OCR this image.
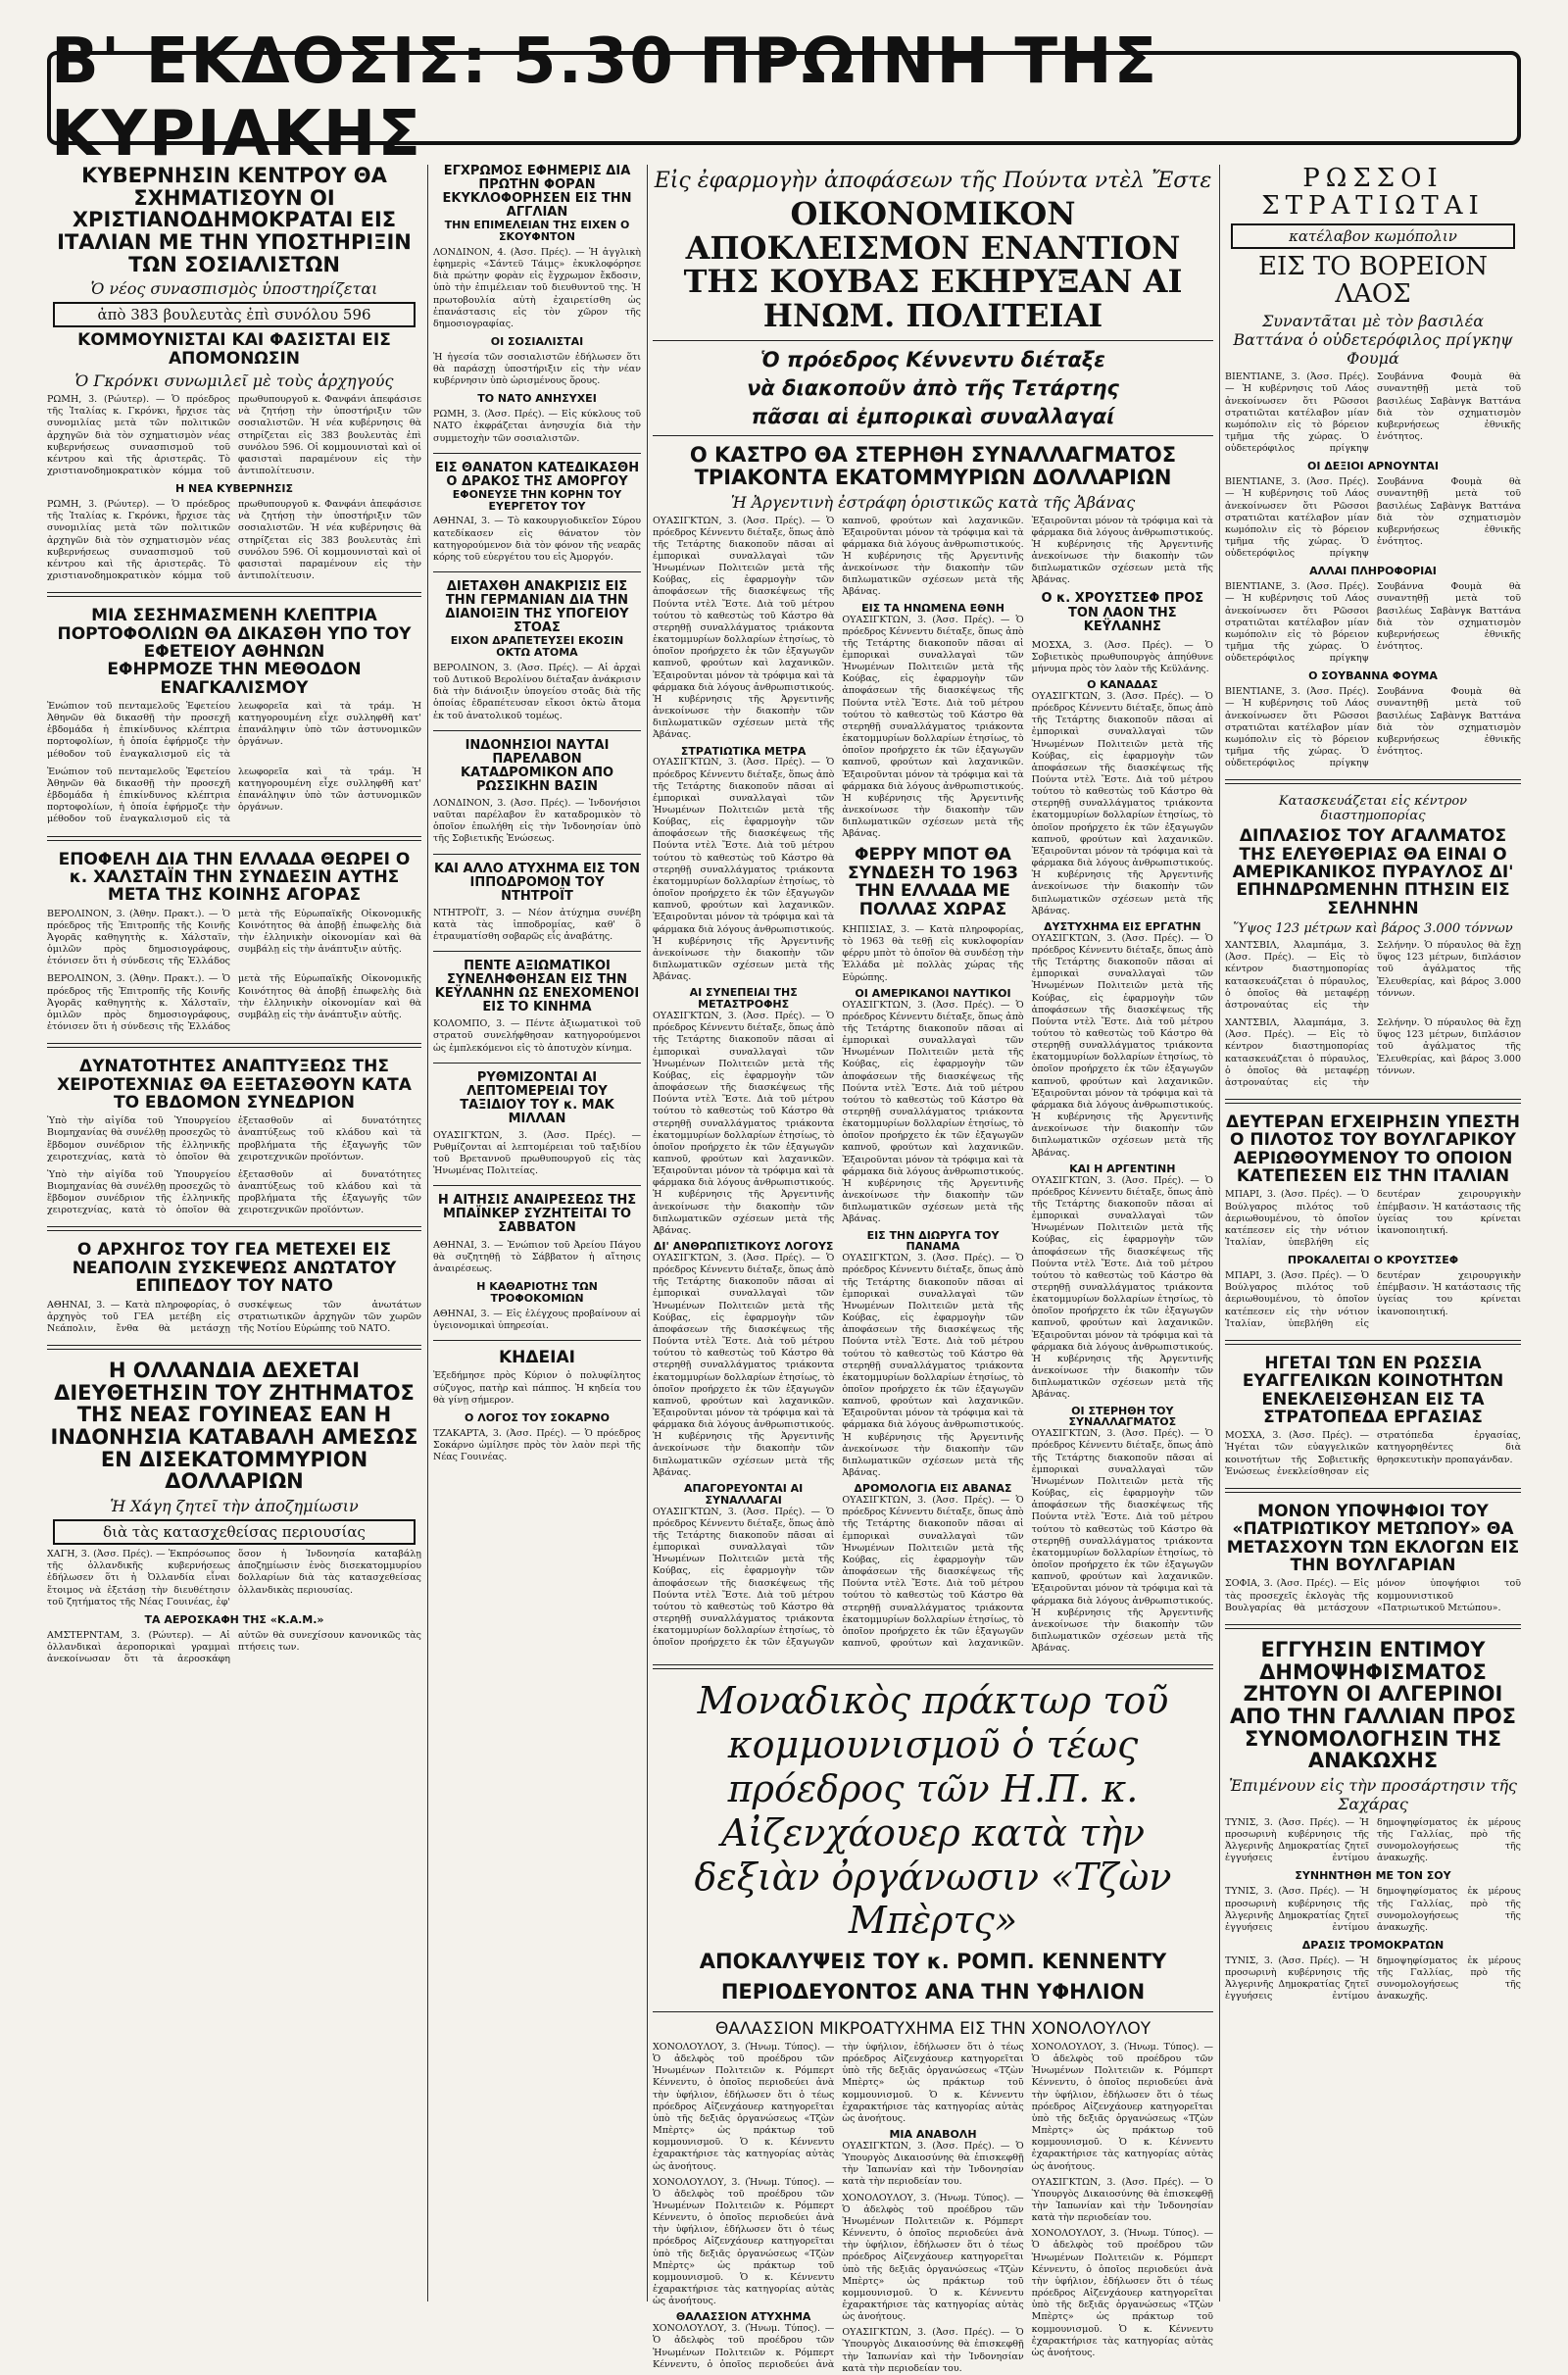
Β' ΕΚΔΟΣΙΣ: 5.30 ΠΡΩΙΝΗ ΤΗΣ ΚΥΡΙΑΚΗΣ
ΚΥΒΕΡΝΗΣΙΝ ΚΕΝΤΡΟΥ ΘΑ ΣΧΗΜΑΤΙΣΟΥΝ ΟΙ ΧΡΙΣΤΙΑΝΟΔΗΜΟΚΡΑΤΑΙ ΕΙΣ ΙΤΑΛΙΑΝ ΜΕ ΤΗΝ ΥΠΟΣΤΗΡΙΞΙΝ ΤΩΝ ΣΟΣΙΑΛΙΣΤΩΝ
Ὁ νέος συνασπισμὸς ὑποστηρίζεται
ἀπὸ 383 βουλευτὰς ἐπὶ συνόλου 596
ΚΟΜΜΟΥΝΙΣΤΑΙ ΚΑΙ ΦΑΣΙΣΤΑΙ ΕΙΣ ΑΠΟΜΟΝΩΣΙΝ
Ὁ Γκρόνκι συνωμιλεῖ μὲ τοὺς ἀρχηγούς

ΡΩΜΗ, 3. (Ρώυτερ). — Ὁ πρόεδρος τῆς Ἰταλίας κ. Γκρόνκι, ἤρχισε τὰς συνομιλίας μετὰ τῶν πολιτικῶν ἀρχηγῶν διὰ τὸν σχηματισμὸν νέας κυβερνήσεως συνασπισμοῦ τοῦ κέντρου καὶ τῆς ἀριστερᾶς. Τὸ χριστιανοδημοκρατικὸν κόμμα τοῦ πρωθυπουργοῦ κ. Φανφάνι ἀπεφάσισε νὰ ζητήσῃ τὴν ὑποστήριξιν τῶν σοσιαλιστῶν. Ἡ νέα κυβέρνησις θὰ στηρίζεται εἰς 383 βουλευτὰς ἐπὶ συνόλου 596. Οἱ κομμουνισταὶ καὶ οἱ φασισταὶ παραμένουν εἰς τὴν ἀντιπολίτευσιν.

Η ΝΕΑ ΚΥΒΕΡΝΗΣΙΣ

ΡΩΜΗ, 3. (Ρώυτερ). — Ὁ πρόεδρος τῆς Ἰταλίας κ. Γκρόνκι, ἤρχισε τὰς συνομιλίας μετὰ τῶν πολιτικῶν ἀρχηγῶν διὰ τὸν σχηματισμὸν νέας κυβερνήσεως συνασπισμοῦ τοῦ κέντρου καὶ τῆς ἀριστερᾶς. Τὸ χριστιανοδημοκρατικὸν κόμμα τοῦ πρωθυπουργοῦ κ. Φανφάνι ἀπεφάσισε νὰ ζητήσῃ τὴν ὑποστήριξιν τῶν σοσιαλιστῶν. Ἡ νέα κυβέρνησις θὰ στηρίζεται εἰς 383 βουλευτὰς ἐπὶ συνόλου 596. Οἱ κομμουνισταὶ καὶ οἱ φασισταὶ παραμένουν εἰς τὴν ἀντιπολίτευσιν.

ΜΙΑ ΣΕΣΗΜΑΣΜΕΝΗ ΚΛΕΠΤΡΙΑ ΠΟΡΤΟΦΟΛΙΩΝ ΘΑ ΔΙΚΑΣΘΗ ΥΠΟ ΤΟΥ ΕΦΕΤΕΙΟΥ ΑΘΗΝΩΝ
ΕΦΗΡΜΟΖΕ ΤΗΝ ΜΕΘΟΔΟΝ ΕΝΑΓΚΑΛΙΣΜΟΥ

Ἐνώπιον τοῦ πενταμελοῦς Ἐφετείου Ἀθηνῶν θὰ δικασθῇ τὴν προσεχῆ ἑβδομάδα ἡ ἐπικίνδυνος κλέπτρια πορτοφολίων, ἡ ὁποία ἐφήρμοζε τὴν μέθοδον τοῦ ἐναγκαλισμοῦ εἰς τὰ λεωφορεῖα καὶ τὰ τράμ. Ἡ κατηγορουμένη εἶχε συλληφθῆ κατ' ἐπανάληψιν ὑπὸ τῶν ἀστυνομικῶν ὀργάνων.

Ἐνώπιον τοῦ πενταμελοῦς Ἐφετείου Ἀθηνῶν θὰ δικασθῇ τὴν προσεχῆ ἑβδομάδα ἡ ἐπικίνδυνος κλέπτρια πορτοφολίων, ἡ ὁποία ἐφήρμοζε τὴν μέθοδον τοῦ ἐναγκαλισμοῦ εἰς τὰ λεωφορεῖα καὶ τὰ τράμ. Ἡ κατηγορουμένη εἶχε συλληφθῆ κατ' ἐπανάληψιν ὑπὸ τῶν ἀστυνομικῶν ὀργάνων.

ΕΠΟΦΕΛΗ ΔΙΑ ΤΗΝ ΕΛΛΑΔΑ ΘΕΩΡΕΙ Ο κ. ΧΑΛΣΤΑΪΝ ΤΗΝ ΣΥΝΔΕΣΙΝ ΑΥΤΗΣ ΜΕΤΑ ΤΗΣ ΚΟΙΝΗΣ ΑΓΟΡΑΣ

ΒΕΡΟΛΙΝΟΝ, 3. (Ἀθην. Πρακτ.). — Ὁ πρόεδρος τῆς Ἐπιτροπῆς τῆς Κοινῆς Ἀγορᾶς καθηγητὴς κ. Χάλσταϊν, ὁμιλῶν πρὸς δημοσιογράφους, ἐτόνισεν ὅτι ἡ σύνδεσις τῆς Ἑλλάδος μετὰ τῆς Εὐρωπαϊκῆς Οἰκονομικῆς Κοινότητος θὰ ἀποβῇ ἐπωφελὴς διὰ τὴν ἑλληνικὴν οἰκονομίαν καὶ θὰ συμβάλῃ εἰς τὴν ἀνάπτυξιν αὐτῆς.

ΒΕΡΟΛΙΝΟΝ, 3. (Ἀθην. Πρακτ.). — Ὁ πρόεδρος τῆς Ἐπιτροπῆς τῆς Κοινῆς Ἀγορᾶς καθηγητὴς κ. Χάλσταϊν, ὁμιλῶν πρὸς δημοσιογράφους, ἐτόνισεν ὅτι ἡ σύνδεσις τῆς Ἑλλάδος μετὰ τῆς Εὐρωπαϊκῆς Οἰκονομικῆς Κοινότητος θὰ ἀποβῇ ἐπωφελὴς διὰ τὴν ἑλληνικὴν οἰκονομίαν καὶ θὰ συμβάλῃ εἰς τὴν ἀνάπτυξιν αὐτῆς.

ΔΥΝΑΤΟΤΗΤΕΣ ΑΝΑΠΤΥΞΕΩΣ ΤΗΣ ΧΕΙΡΟΤΕΧΝΙΑΣ ΘΑ ΕΞΕΤΑΣΘΟΥΝ ΚΑΤΑ ΤΟ ΕΒΔΟΜΟΝ ΣΥΝΕΔΡΙΟΝ

Ὑπὸ τὴν αἰγίδα τοῦ Ὑπουργείου Βιομηχανίας θὰ συνέλθῃ προσεχῶς τὸ ἕβδομον συνέδριον τῆς ἑλληνικῆς χειροτεχνίας, κατὰ τὸ ὁποῖον θὰ ἐξετασθοῦν αἱ δυνατότητες ἀναπτύξεως τοῦ κλάδου καὶ τὰ προβλήματα τῆς ἐξαγωγῆς τῶν χειροτεχνικῶν προϊόντων.

Ὑπὸ τὴν αἰγίδα τοῦ Ὑπουργείου Βιομηχανίας θὰ συνέλθῃ προσεχῶς τὸ ἕβδομον συνέδριον τῆς ἑλληνικῆς χειροτεχνίας, κατὰ τὸ ὁποῖον θὰ ἐξετασθοῦν αἱ δυνατότητες ἀναπτύξεως τοῦ κλάδου καὶ τὰ προβλήματα τῆς ἐξαγωγῆς τῶν χειροτεχνικῶν προϊόντων.

Ο ΑΡΧΗΓΟΣ ΤΟΥ ΓΕΑ ΜΕΤΕΧΕΙ ΕΙΣ ΝΕΑΠΟΛΙΝ ΣΥΣΚΕΨΕΩΣ ΑΝΩΤΑΤΟΥ ΕΠΙΠΕΔΟΥ ΤΟΥ ΝΑΤΟ

ΑΘΗΝΑΙ, 3. — Κατὰ πληροφορίας, ὁ ἀρχηγὸς τοῦ ΓΕΑ μετέβη εἰς Νεάπολιν, ἔνθα θὰ μετάσχῃ συσκέψεως τῶν ἀνωτάτων στρατιωτικῶν ἀρχηγῶν τῶν χωρῶν τῆς Νοτίου Εὐρώπης τοῦ ΝΑΤΟ.

Η ΟΛΛΑΝΔΙΑ ΔΕΧΕΤΑΙ ΔΙΕΥΘΕΤΗΣΙΝ ΤΟΥ ΖΗΤΗΜΑΤΟΣ ΤΗΣ ΝΕΑΣ ΓΟΥΙΝΕΑΣ ΕΑΝ Η ΙΝΔΟΝΗΣΙΑ ΚΑΤΑΒΑΛΗ ΑΜΕΣΩΣ ΕΝ ΔΙΣΕΚΑΤΟΜΜΥΡΙΟΝ ΔΟΛΛΑΡΙΩΝ
Ἡ Χάγη ζητεῖ τὴν ἀποζημίωσιν
διὰ τὰς κατασχεθείσας περιουσίας

ΧΑΓΗ, 3. (Ἀσσ. Πρές). — Ἐκπρόσωπος τῆς ὀλλανδικῆς κυβερνήσεως ἐδήλωσεν ὅτι ἡ Ὀλλανδία εἶναι ἕτοιμος νὰ ἐξετάσῃ τὴν διευθέτησιν τοῦ ζητήματος τῆς Νέας Γουινέας, ἐφ' ὅσον ἡ Ἰνδονησία καταβάλῃ ἀποζημίωσιν ἑνὸς δισεκατομμυρίου δολλαρίων διὰ τὰς κατασχεθείσας ὀλλανδικὰς περιουσίας.

ΤΑ ΑΕΡΟΣΚΑΦΗ ΤΗΣ «Κ.Α.Μ.»

ΑΜΣΤΕΡΝΤΑΜ, 3. (Ρώυτερ). — Αἱ ὀλλανδικαὶ ἀεροπορικαὶ γραμμαὶ ἀνεκοίνωσαν ὅτι τὰ ἀεροσκάφη αὐτῶν θὰ συνεχίσουν κανονικῶς τὰς πτήσεις των.

ΕΓΧΡΩΜΟΣ ΕΦΗΜΕΡΙΣ ΔΙΑ ΠΡΩΤΗΝ ΦΟΡΑΝ ΕΚΥΚΛΟΦΟΡΗΣΕΝ ΕΙΣ ΤΗΝ ΑΓΓΛΙΑΝ
ΤΗΝ ΕΠΙΜΕΛΕΙΑΝ ΤΗΣ ΕΙΧΕΝ Ο ΣΚΟΥΦΝΤΟΝ

ΛΟΝΔΙΝΟΝ, 4. (Ἀσσ. Πρές). — Ἡ ἀγγλικὴ ἐφημερὶς «Σάντεϋ Τάιμς» ἐκυκλοφόρησε διὰ πρώτην φορὰν εἰς ἔγχρωμον ἔκδοσιν, ὑπὸ τὴν ἐπιμέλειαν τοῦ διευθυντοῦ της. Ἡ πρωτοβουλία αὐτὴ ἐχαιρετίσθη ὡς ἐπανάστασις εἰς τὸν χῶρον τῆς δημοσιογραφίας.

ΟΙ ΣΟΣΙΑΛΙΣΤΑΙ

Ἡ ἡγεσία τῶν σοσιαλιστῶν ἐδήλωσεν ὅτι θὰ παράσχῃ ὑποστήριξιν εἰς τὴν νέαν κυβέρνησιν ὑπὸ ὡρισμένους ὅρους.

ΤΟ ΝΑΤΟ ΑΝΗΣΥΧΕΙ

ΡΩΜΗ, 3. (Ἀσσ. Πρές). — Εἰς κύκλους τοῦ ΝΑΤΟ ἐκφράζεται ἀνησυχία διὰ τὴν συμμετοχὴν τῶν σοσιαλιστῶν.

ΕΙΣ ΘΑΝΑΤΟΝ ΚΑΤΕΔΙΚΑΣΘΗ Ο ΔΡΑΚΟΣ ΤΗΣ ΑΜΟΡΓΟΥ
ΕΦΟΝΕΥΣΕ ΤΗΝ ΚΟΡΗΝ ΤΟΥ ΕΥΕΡΓΕΤΟΥ ΤΟΥ

ΑΘΗΝΑΙ, 3. — Τὸ κακουργιοδικεῖον Σύρου κατεδίκασεν εἰς θάνατον τὸν κατηγορούμενον διὰ τὸν φόνον τῆς νεαρᾶς κόρης τοῦ εὐεργέτου του εἰς Ἀμοργόν.

ΔΙΕΤΑΧΘΗ ΑΝΑΚΡΙΣΙΣ ΕΙΣ ΤΗΝ ΓΕΡΜΑΝΙΑΝ ΔΙΑ ΤΗΝ ΔΙΑΝΟΙΞΙΝ ΤΗΣ ΥΠΟΓΕΙΟΥ ΣΤΟΑΣ
ΕΙΧΟΝ ΔΡΑΠΕΤΕΥΣΕΙ ΕΚΟΣΙΝ ΟΚΤΩ ΑΤΟΜΑ

ΒΕΡΟΛΙΝΟΝ, 3. (Ἀσσ. Πρές). — Αἱ ἀρχαὶ τοῦ Δυτικοῦ Βερολίνου διέταξαν ἀνάκρισιν διὰ τὴν διάνοιξιν ὑπογείου στοᾶς διὰ τῆς ὁποίας ἐδραπέτευσαν εἴκοσι ὀκτὼ ἄτομα ἐκ τοῦ ἀνατολικοῦ τομέως.

ΙΝΔΟΝΗΣΙΟΙ ΝΑΥΤΑΙ ΠΑΡΕΛΑΒΟΝ ΚΑΤΑΔΡΟΜΙΚΟΝ ΑΠΟ ΡΩΣΣΙΚΗΝ ΒΑΣΙΝ

ΛΟΝΔΙΝΟΝ, 3. (Ἀσσ. Πρές). — Ἰνδονήσιοι ναῦται παρέλαβον ἓν καταδρομικὸν τὸ ὁποῖον ἐπωλήθη εἰς τὴν Ἰνδονησίαν ὑπὸ τῆς Σοβιετικῆς Ἑνώσεως.

ΚΑΙ ΑΛΛΟ ΑΤΥΧΗΜΑ ΕΙΣ ΤΟΝ ΙΠΠΟΔΡΟΜΟΝ ΤΟΥ ΝΤΗΤΡΟΪΤ

ΝΤΗΤΡΟΪΤ, 3. — Νέον ἀτύχημα συνέβη κατὰ τὰς ἱπποδρομίας, καθ' ὃ ἐτραυματίσθη σοβαρῶς εἷς ἀναβάτης.

ΠΕΝΤΕ ΑΞΙΩΜΑΤΙΚΟΙ ΣΥΝΕΛΗΦΘΗΣΑΝ ΕΙΣ ΤΗΝ ΚΕΫΛΑΝΗΝ ΩΣ ΕΝΕΧΟΜΕΝΟΙ ΕΙΣ ΤΟ ΚΙΝΗΜΑ

ΚΟΛΟΜΠΟ, 3. — Πέντε ἀξιωματικοὶ τοῦ στρατοῦ συνελήφθησαν κατηγορούμενοι ὡς ἐμπλεκόμενοι εἰς τὸ ἀποτυχὸν κίνημα.

ΡΥΘΜΙΖΟΝΤΑΙ ΑΙ ΛΕΠΤΟΜΕΡΕΙΑΙ ΤΟΥ ΤΑΞΙΔΙΟΥ ΤΟΥ κ. ΜΑΚ ΜΙΛΛΑΝ

ΟΥΑΣΙΓΚΤΩΝ, 3. (Ἀσσ. Πρές). — Ρυθμίζονται αἱ λεπτομέρειαι τοῦ ταξιδίου τοῦ Βρεταννοῦ πρωθυπουργοῦ εἰς τὰς Ἡνωμένας Πολιτείας.

Η ΑΙΤΗΣΙΣ ΑΝΑΙΡΕΣΕΩΣ ΤΗΣ ΜΠΑΪΝΚΕΡ ΣΥΖΗΤΕΙΤΑΙ ΤΟ ΣΑΒΒΑΤΟΝ

ΑΘΗΝΑΙ, 3. — Ἐνώπιον τοῦ Ἀρείου Πάγου θὰ συζητηθῇ τὸ Σάββατον ἡ αἴτησις ἀναιρέσεως.

Η ΚΑΘΑΡΙΟΤΗΣ ΤΩΝ ΤΡΟΦΟΚΟΜΙΩΝ

ΑΘΗΝΑΙ, 3. — Εἰς ἐλέγχους προβαίνουν αἱ ὑγειονομικαὶ ὑπηρεσίαι.

ΚΗΔΕΙΑΙ

Ἐξεδήμησε πρὸς Κύριον ὁ πολυφίλητος σύζυγος, πατὴρ καὶ πάππος. Ἡ κηδεία του θὰ γίνῃ σήμερον.

Ο ΛΟΓΟΣ ΤΟΥ ΣΟΚΑΡΝΟ

ΤΖΑΚΑΡΤΑ, 3. (Ἀσσ. Πρές). — Ὁ πρόεδρος Σοκάρνο ὡμίλησε πρὸς τὸν λαὸν περὶ τῆς Νέας Γουινέας.

Εἰς ἐφαρμογὴν ἀποφάσεων τῆς Πούντα ντὲλ Ἔστε
ΟΙΚΟΝΟΜΙΚΟΝ ΑΠΟΚΛΕΙΣΜΟΝ ΕΝΑΝΤΙΟΝ ΤΗΣ ΚΟΥΒΑΣ ΕΚΗΡΥΞΑΝ ΑΙ ΗΝΩΜ. ΠΟΛΙΤΕΙΑΙ
Ὁ πρόεδρος Κέννεντυ διέταξε
νὰ διακοποῦν ἀπὸ τῆς Τετάρτης
πᾶσαι αἱ ἐμπορικαὶ συναλλαγαί
Ο ΚΑΣΤΡΟ ΘΑ ΣΤΕΡΗΘΗ ΣΥΝΑΛΛΑΓΜΑΤΟΣ ΤΡΙΑΚΟΝΤΑ ΕΚΑΤΟΜΜΥΡΙΩΝ ΔΟΛΛΑΡΙΩΝ
Ἡ Ἀργεντινὴ ἐστράφη ὁριστικῶς κατὰ τῆς Ἀβάνας

ΟΥΑΣΙΓΚΤΩΝ, 3. (Ἀσσ. Πρές). — Ὁ πρόεδρος Κέννεντυ διέταξε, ὅπως ἀπὸ τῆς Τετάρτης διακοποῦν πᾶσαι αἱ ἐμπορικαὶ συναλλαγαὶ τῶν Ἡνωμένων Πολιτειῶν μετὰ τῆς Κούβας, εἰς ἐφαρμογὴν τῶν ἀποφάσεων τῆς διασκέψεως τῆς Πούντα ντὲλ Ἔστε. Διὰ τοῦ μέτρου τούτου τὸ καθεστὼς τοῦ Κάστρο θὰ στερηθῇ συναλλάγματος τριάκοντα ἑκατομμυρίων δολλαρίων ἐτησίως, τὸ ὁποῖον προήρχετο ἐκ τῶν ἐξαγωγῶν καπνοῦ, φρούτων καὶ λαχανικῶν. Ἐξαιροῦνται μόνον τὰ τρόφιμα καὶ τὰ φάρμακα διὰ λόγους ἀνθρωπιστικούς. Ἡ κυβέρνησις τῆς Ἀργεντινῆς ἀνεκοίνωσε τὴν διακοπὴν τῶν διπλωματικῶν σχέσεων μετὰ τῆς Ἀβάνας.

ΣΤΡΑΤΙΩΤΙΚΑ ΜΕΤΡΑ

ΟΥΑΣΙΓΚΤΩΝ, 3. (Ἀσσ. Πρές). — Ὁ πρόεδρος Κέννεντυ διέταξε, ὅπως ἀπὸ τῆς Τετάρτης διακοποῦν πᾶσαι αἱ ἐμπορικαὶ συναλλαγαὶ τῶν Ἡνωμένων Πολιτειῶν μετὰ τῆς Κούβας, εἰς ἐφαρμογὴν τῶν ἀποφάσεων τῆς διασκέψεως τῆς Πούντα ντὲλ Ἔστε. Διὰ τοῦ μέτρου τούτου τὸ καθεστὼς τοῦ Κάστρο θὰ στερηθῇ συναλλάγματος τριάκοντα ἑκατομμυρίων δολλαρίων ἐτησίως, τὸ ὁποῖον προήρχετο ἐκ τῶν ἐξαγωγῶν καπνοῦ, φρούτων καὶ λαχανικῶν. Ἐξαιροῦνται μόνον τὰ τρόφιμα καὶ τὰ φάρμακα διὰ λόγους ἀνθρωπιστικούς. Ἡ κυβέρνησις τῆς Ἀργεντινῆς ἀνεκοίνωσε τὴν διακοπὴν τῶν διπλωματικῶν σχέσεων μετὰ τῆς Ἀβάνας.

ΑΙ ΣΥΝΕΠΕΙΑΙ ΤΗΣ ΜΕΤΑΣΤΡΟΦΗΣ

ΟΥΑΣΙΓΚΤΩΝ, 3. (Ἀσσ. Πρές). — Ὁ πρόεδρος Κέννεντυ διέταξε, ὅπως ἀπὸ τῆς Τετάρτης διακοποῦν πᾶσαι αἱ ἐμπορικαὶ συναλλαγαὶ τῶν Ἡνωμένων Πολιτειῶν μετὰ τῆς Κούβας, εἰς ἐφαρμογὴν τῶν ἀποφάσεων τῆς διασκέψεως τῆς Πούντα ντὲλ Ἔστε. Διὰ τοῦ μέτρου τούτου τὸ καθεστὼς τοῦ Κάστρο θὰ στερηθῇ συναλλάγματος τριάκοντα ἑκατομμυρίων δολλαρίων ἐτησίως, τὸ ὁποῖον προήρχετο ἐκ τῶν ἐξαγωγῶν καπνοῦ, φρούτων καὶ λαχανικῶν. Ἐξαιροῦνται μόνον τὰ τρόφιμα καὶ τὰ φάρμακα διὰ λόγους ἀνθρωπιστικούς. Ἡ κυβέρνησις τῆς Ἀργεντινῆς ἀνεκοίνωσε τὴν διακοπὴν τῶν διπλωματικῶν σχέσεων μετὰ τῆς Ἀβάνας.

ΔΙ' ΑΝΘΡΩΠΙΣΤΙΚΟΥΣ ΛΟΓΟΥΣ

ΟΥΑΣΙΓΚΤΩΝ, 3. (Ἀσσ. Πρές). — Ὁ πρόεδρος Κέννεντυ διέταξε, ὅπως ἀπὸ τῆς Τετάρτης διακοποῦν πᾶσαι αἱ ἐμπορικαὶ συναλλαγαὶ τῶν Ἡνωμένων Πολιτειῶν μετὰ τῆς Κούβας, εἰς ἐφαρμογὴν τῶν ἀποφάσεων τῆς διασκέψεως τῆς Πούντα ντὲλ Ἔστε. Διὰ τοῦ μέτρου τούτου τὸ καθεστὼς τοῦ Κάστρο θὰ στερηθῇ συναλλάγματος τριάκοντα ἑκατομμυρίων δολλαρίων ἐτησίως, τὸ ὁποῖον προήρχετο ἐκ τῶν ἐξαγωγῶν καπνοῦ, φρούτων καὶ λαχανικῶν. Ἐξαιροῦνται μόνον τὰ τρόφιμα καὶ τὰ φάρμακα διὰ λόγους ἀνθρωπιστικούς. Ἡ κυβέρνησις τῆς Ἀργεντινῆς ἀνεκοίνωσε τὴν διακοπὴν τῶν διπλωματικῶν σχέσεων μετὰ τῆς Ἀβάνας.

ΑΠΑΓΟΡΕΥΟΝΤΑΙ ΑΙ ΣΥΝΑΛΛΑΓΑΙ

ΟΥΑΣΙΓΚΤΩΝ, 3. (Ἀσσ. Πρές). — Ὁ πρόεδρος Κέννεντυ διέταξε, ὅπως ἀπὸ τῆς Τετάρτης διακοποῦν πᾶσαι αἱ ἐμπορικαὶ συναλλαγαὶ τῶν Ἡνωμένων Πολιτειῶν μετὰ τῆς Κούβας, εἰς ἐφαρμογὴν τῶν ἀποφάσεων τῆς διασκέψεως τῆς Πούντα ντὲλ Ἔστε. Διὰ τοῦ μέτρου τούτου τὸ καθεστὼς τοῦ Κάστρο θὰ στερηθῇ συναλλάγματος τριάκοντα ἑκατομμυρίων δολλαρίων ἐτησίως, τὸ ὁποῖον προήρχετο ἐκ τῶν ἐξαγωγῶν καπνοῦ, φρούτων καὶ λαχανικῶν. Ἐξαιροῦνται μόνον τὰ τρόφιμα καὶ τὰ φάρμακα διὰ λόγους ἀνθρωπιστικούς. Ἡ κυβέρνησις τῆς Ἀργεντινῆς ἀνεκοίνωσε τὴν διακοπὴν τῶν διπλωματικῶν σχέσεων μετὰ τῆς Ἀβάνας.

ΕΙΣ ΤΑ ΗΝΩΜΕΝΑ ΕΘΝΗ

ΟΥΑΣΙΓΚΤΩΝ, 3. (Ἀσσ. Πρές). — Ὁ πρόεδρος Κέννεντυ διέταξε, ὅπως ἀπὸ τῆς Τετάρτης διακοποῦν πᾶσαι αἱ ἐμπορικαὶ συναλλαγαὶ τῶν Ἡνωμένων Πολιτειῶν μετὰ τῆς Κούβας, εἰς ἐφαρμογὴν τῶν ἀποφάσεων τῆς διασκέψεως τῆς Πούντα ντὲλ Ἔστε. Διὰ τοῦ μέτρου τούτου τὸ καθεστὼς τοῦ Κάστρο θὰ στερηθῇ συναλλάγματος τριάκοντα ἑκατομμυρίων δολλαρίων ἐτησίως, τὸ ὁποῖον προήρχετο ἐκ τῶν ἐξαγωγῶν καπνοῦ, φρούτων καὶ λαχανικῶν. Ἐξαιροῦνται μόνον τὰ τρόφιμα καὶ τὰ φάρμακα διὰ λόγους ἀνθρωπιστικούς. Ἡ κυβέρνησις τῆς Ἀργεντινῆς ἀνεκοίνωσε τὴν διακοπὴν τῶν διπλωματικῶν σχέσεων μετὰ τῆς Ἀβάνας.

ΦΕΡΡΥ ΜΠΟΤ ΘΑ ΣΥΝΔΕΣΗ ΤΟ 1963 ΤΗΝ ΕΛΛΑΔΑ ΜΕ ΠΟΛΛΑΣ ΧΩΡΑΣ

ΚΗΠΙΣΙΑΣ, 3. — Κατὰ πληροφορίας, τὸ 1963 θὰ τεθῇ εἰς κυκλοφορίαν φέρρυ μπὸτ τὸ ὁποῖον θὰ συνδέσῃ τὴν Ἑλλάδα μὲ πολλὰς χώρας τῆς Εὐρώπης.

ΟΙ ΑΜΕΡΙΚΑΝΟΙ ΝΑΥΤΙΚΟΙ

ΟΥΑΣΙΓΚΤΩΝ, 3. (Ἀσσ. Πρές). — Ὁ πρόεδρος Κέννεντυ διέταξε, ὅπως ἀπὸ τῆς Τετάρτης διακοποῦν πᾶσαι αἱ ἐμπορικαὶ συναλλαγαὶ τῶν Ἡνωμένων Πολιτειῶν μετὰ τῆς Κούβας, εἰς ἐφαρμογὴν τῶν ἀποφάσεων τῆς διασκέψεως τῆς Πούντα ντὲλ Ἔστε. Διὰ τοῦ μέτρου τούτου τὸ καθεστὼς τοῦ Κάστρο θὰ στερηθῇ συναλλάγματος τριάκοντα ἑκατομμυρίων δολλαρίων ἐτησίως, τὸ ὁποῖον προήρχετο ἐκ τῶν ἐξαγωγῶν καπνοῦ, φρούτων καὶ λαχανικῶν. Ἐξαιροῦνται μόνον τὰ τρόφιμα καὶ τὰ φάρμακα διὰ λόγους ἀνθρωπιστικούς. Ἡ κυβέρνησις τῆς Ἀργεντινῆς ἀνεκοίνωσε τὴν διακοπὴν τῶν διπλωματικῶν σχέσεων μετὰ τῆς Ἀβάνας.

ΕΙΣ ΤΗΝ ΔΙΩΡΥΓΑ ΤΟΥ ΠΑΝΑΜΑ

ΟΥΑΣΙΓΚΤΩΝ, 3. (Ἀσσ. Πρές). — Ὁ πρόεδρος Κέννεντυ διέταξε, ὅπως ἀπὸ τῆς Τετάρτης διακοποῦν πᾶσαι αἱ ἐμπορικαὶ συναλλαγαὶ τῶν Ἡνωμένων Πολιτειῶν μετὰ τῆς Κούβας, εἰς ἐφαρμογὴν τῶν ἀποφάσεων τῆς διασκέψεως τῆς Πούντα ντὲλ Ἔστε. Διὰ τοῦ μέτρου τούτου τὸ καθεστὼς τοῦ Κάστρο θὰ στερηθῇ συναλλάγματος τριάκοντα ἑκατομμυρίων δολλαρίων ἐτησίως, τὸ ὁποῖον προήρχετο ἐκ τῶν ἐξαγωγῶν καπνοῦ, φρούτων καὶ λαχανικῶν. Ἐξαιροῦνται μόνον τὰ τρόφιμα καὶ τὰ φάρμακα διὰ λόγους ἀνθρωπιστικούς. Ἡ κυβέρνησις τῆς Ἀργεντινῆς ἀνεκοίνωσε τὴν διακοπὴν τῶν διπλωματικῶν σχέσεων μετὰ τῆς Ἀβάνας.

ΔΡΟΜΟΛΟΓΙΑ ΕΙΣ ΑΒΑΝΑΣ

ΟΥΑΣΙΓΚΤΩΝ, 3. (Ἀσσ. Πρές). — Ὁ πρόεδρος Κέννεντυ διέταξε, ὅπως ἀπὸ τῆς Τετάρτης διακοποῦν πᾶσαι αἱ ἐμπορικαὶ συναλλαγαὶ τῶν Ἡνωμένων Πολιτειῶν μετὰ τῆς Κούβας, εἰς ἐφαρμογὴν τῶν ἀποφάσεων τῆς διασκέψεως τῆς Πούντα ντὲλ Ἔστε. Διὰ τοῦ μέτρου τούτου τὸ καθεστὼς τοῦ Κάστρο θὰ στερηθῇ συναλλάγματος τριάκοντα ἑκατομμυρίων δολλαρίων ἐτησίως, τὸ ὁποῖον προήρχετο ἐκ τῶν ἐξαγωγῶν καπνοῦ, φρούτων καὶ λαχανικῶν. Ἐξαιροῦνται μόνον τὰ τρόφιμα καὶ τὰ φάρμακα διὰ λόγους ἀνθρωπιστικούς. Ἡ κυβέρνησις τῆς Ἀργεντινῆς ἀνεκοίνωσε τὴν διακοπὴν τῶν διπλωματικῶν σχέσεων μετὰ τῆς Ἀβάνας.

Ο κ. ΧΡΟΥΣΤΣΕΦ ΠΡΟΣ ΤΟΝ ΛΑΟΝ ΤΗΣ ΚΕΫΛΑΝΗΣ

ΜΟΣΧΑ, 3. (Ἀσσ. Πρές). — Ὁ Σοβιετικὸς πρωθυπουργὸς ἀπηύθυνε μήνυμα πρὸς τὸν λαὸν τῆς Κεϋλάνης.

Ο ΚΑΝΑΔΑΣ

ΟΥΑΣΙΓΚΤΩΝ, 3. (Ἀσσ. Πρές). — Ὁ πρόεδρος Κέννεντυ διέταξε, ὅπως ἀπὸ τῆς Τετάρτης διακοποῦν πᾶσαι αἱ ἐμπορικαὶ συναλλαγαὶ τῶν Ἡνωμένων Πολιτειῶν μετὰ τῆς Κούβας, εἰς ἐφαρμογὴν τῶν ἀποφάσεων τῆς διασκέψεως τῆς Πούντα ντὲλ Ἔστε. Διὰ τοῦ μέτρου τούτου τὸ καθεστὼς τοῦ Κάστρο θὰ στερηθῇ συναλλάγματος τριάκοντα ἑκατομμυρίων δολλαρίων ἐτησίως, τὸ ὁποῖον προήρχετο ἐκ τῶν ἐξαγωγῶν καπνοῦ, φρούτων καὶ λαχανικῶν. Ἐξαιροῦνται μόνον τὰ τρόφιμα καὶ τὰ φάρμακα διὰ λόγους ἀνθρωπιστικούς. Ἡ κυβέρνησις τῆς Ἀργεντινῆς ἀνεκοίνωσε τὴν διακοπὴν τῶν διπλωματικῶν σχέσεων μετὰ τῆς Ἀβάνας.

ΔΥΣΤΥΧΗΜΑ ΕΙΣ ΕΡΓΑΤΗΝ

ΟΥΑΣΙΓΚΤΩΝ, 3. (Ἀσσ. Πρές). — Ὁ πρόεδρος Κέννεντυ διέταξε, ὅπως ἀπὸ τῆς Τετάρτης διακοποῦν πᾶσαι αἱ ἐμπορικαὶ συναλλαγαὶ τῶν Ἡνωμένων Πολιτειῶν μετὰ τῆς Κούβας, εἰς ἐφαρμογὴν τῶν ἀποφάσεων τῆς διασκέψεως τῆς Πούντα ντὲλ Ἔστε. Διὰ τοῦ μέτρου τούτου τὸ καθεστὼς τοῦ Κάστρο θὰ στερηθῇ συναλλάγματος τριάκοντα ἑκατομμυρίων δολλαρίων ἐτησίως, τὸ ὁποῖον προήρχετο ἐκ τῶν ἐξαγωγῶν καπνοῦ, φρούτων καὶ λαχανικῶν. Ἐξαιροῦνται μόνον τὰ τρόφιμα καὶ τὰ φάρμακα διὰ λόγους ἀνθρωπιστικούς. Ἡ κυβέρνησις τῆς Ἀργεντινῆς ἀνεκοίνωσε τὴν διακοπὴν τῶν διπλωματικῶν σχέσεων μετὰ τῆς Ἀβάνας.

ΚΑΙ Η ΑΡΓΕΝΤΙΝΗ

ΟΥΑΣΙΓΚΤΩΝ, 3. (Ἀσσ. Πρές). — Ὁ πρόεδρος Κέννεντυ διέταξε, ὅπως ἀπὸ τῆς Τετάρτης διακοποῦν πᾶσαι αἱ ἐμπορικαὶ συναλλαγαὶ τῶν Ἡνωμένων Πολιτειῶν μετὰ τῆς Κούβας, εἰς ἐφαρμογὴν τῶν ἀποφάσεων τῆς διασκέψεως τῆς Πούντα ντὲλ Ἔστε. Διὰ τοῦ μέτρου τούτου τὸ καθεστὼς τοῦ Κάστρο θὰ στερηθῇ συναλλάγματος τριάκοντα ἑκατομμυρίων δολλαρίων ἐτησίως, τὸ ὁποῖον προήρχετο ἐκ τῶν ἐξαγωγῶν καπνοῦ, φρούτων καὶ λαχανικῶν. Ἐξαιροῦνται μόνον τὰ τρόφιμα καὶ τὰ φάρμακα διὰ λόγους ἀνθρωπιστικούς. Ἡ κυβέρνησις τῆς Ἀργεντινῆς ἀνεκοίνωσε τὴν διακοπὴν τῶν διπλωματικῶν σχέσεων μετὰ τῆς Ἀβάνας.

ΟΙ ΣΤΕΡΗΘΗ ΤΟΥ ΣΥΝΑΛΛΑΓΜΑΤΟΣ

ΟΥΑΣΙΓΚΤΩΝ, 3. (Ἀσσ. Πρές). — Ὁ πρόεδρος Κέννεντυ διέταξε, ὅπως ἀπὸ τῆς Τετάρτης διακοποῦν πᾶσαι αἱ ἐμπορικαὶ συναλλαγαὶ τῶν Ἡνωμένων Πολιτειῶν μετὰ τῆς Κούβας, εἰς ἐφαρμογὴν τῶν ἀποφάσεων τῆς διασκέψεως τῆς Πούντα ντὲλ Ἔστε. Διὰ τοῦ μέτρου τούτου τὸ καθεστὼς τοῦ Κάστρο θὰ στερηθῇ συναλλάγματος τριάκοντα ἑκατομμυρίων δολλαρίων ἐτησίως, τὸ ὁποῖον προήρχετο ἐκ τῶν ἐξαγωγῶν καπνοῦ, φρούτων καὶ λαχανικῶν. Ἐξαιροῦνται μόνον τὰ τρόφιμα καὶ τὰ φάρμακα διὰ λόγους ἀνθρωπιστικούς. Ἡ κυβέρνησις τῆς Ἀργεντινῆς ἀνεκοίνωσε τὴν διακοπὴν τῶν διπλωματικῶν σχέσεων μετὰ τῆς Ἀβάνας.

Μοναδικὸς πράκτωρ τοῦ κομμουνισμοῦ ὁ τέως πρόεδρος τῶν Η.Π. κ. Αἰζενχάουερ κατὰ τὴν δεξιὰν ὀργάνωσιν «Τζὼν Μπὲρτς»
ΑΠΟΚΑΛΥΨΕΙΣ ΤΟΥ κ. ΡΟΜΠ. ΚΕΝΝΕΝΤΥ
ΠΕΡΙΟΔΕΥΟΝΤΟΣ ΑΝΑ ΤΗΝ ΥΦΗΛΙΟΝ
ΘΑΛΑΣΣΙΟΝ ΜΙΚΡΟΑΤΥΧΗΜΑ ΕΙΣ ΤΗΝ ΧΟΝΟΛΟΥΛΟΥ

ΧΟΝΟΛΟΥΛΟΥ, 3. (Ἡνωμ. Τύπος). — Ὁ ἀδελφὸς τοῦ προέδρου τῶν Ἡνωμένων Πολιτειῶν κ. Ρόμπερτ Κέννεντυ, ὁ ὁποῖος περιοδεύει ἀνὰ τὴν ὑφήλιον, ἐδήλωσεν ὅτι ὁ τέως πρόεδρος Αἰζενχάουερ κατηγορεῖται ὑπὸ τῆς δεξιᾶς ὀργανώσεως «Τζὼν Μπὲρτς» ὡς πράκτωρ τοῦ κομμουνισμοῦ. Ὁ κ. Κέννεντυ ἐχαρακτήρισε τὰς κατηγορίας αὐτὰς ὡς ἀνοήτους.

ΧΟΝΟΛΟΥΛΟΥ, 3. (Ἡνωμ. Τύπος). — Ὁ ἀδελφὸς τοῦ προέδρου τῶν Ἡνωμένων Πολιτειῶν κ. Ρόμπερτ Κέννεντυ, ὁ ὁποῖος περιοδεύει ἀνὰ τὴν ὑφήλιον, ἐδήλωσεν ὅτι ὁ τέως πρόεδρος Αἰζενχάουερ κατηγορεῖται ὑπὸ τῆς δεξιᾶς ὀργανώσεως «Τζὼν Μπὲρτς» ὡς πράκτωρ τοῦ κομμουνισμοῦ. Ὁ κ. Κέννεντυ ἐχαρακτήρισε τὰς κατηγορίας αὐτὰς ὡς ἀνοήτους.

ΘΑΛΑΣΣΙΟΝ ΑΤΥΧΗΜΑ

ΧΟΝΟΛΟΥΛΟΥ, 3. (Ἡνωμ. Τύπος). — Ὁ ἀδελφὸς τοῦ προέδρου τῶν Ἡνωμένων Πολιτειῶν κ. Ρόμπερτ Κέννεντυ, ὁ ὁποῖος περιοδεύει ἀνὰ τὴν ὑφήλιον, ἐδήλωσεν ὅτι ὁ τέως πρόεδρος Αἰζενχάουερ κατηγορεῖται ὑπὸ τῆς δεξιᾶς ὀργανώσεως «Τζὼν Μπὲρτς» ὡς πράκτωρ τοῦ κομμουνισμοῦ. Ὁ κ. Κέννεντυ ἐχαρακτήρισε τὰς κατηγορίας αὐτὰς ὡς ἀνοήτους.

ΜΙΑ ΑΝΑΒΟΛΗ

ΟΥΑΣΙΓΚΤΩΝ, 3. (Ἀσσ. Πρές). — Ὁ Ὑπουργὸς Δικαιοσύνης θὰ ἐπισκεφθῇ τὴν Ἰαπωνίαν καὶ τὴν Ἰνδονησίαν κατὰ τὴν περιοδείαν του.

ΧΟΝΟΛΟΥΛΟΥ, 3. (Ἡνωμ. Τύπος). — Ὁ ἀδελφὸς τοῦ προέδρου τῶν Ἡνωμένων Πολιτειῶν κ. Ρόμπερτ Κέννεντυ, ὁ ὁποῖος περιοδεύει ἀνὰ τὴν ὑφήλιον, ἐδήλωσεν ὅτι ὁ τέως πρόεδρος Αἰζενχάουερ κατηγορεῖται ὑπὸ τῆς δεξιᾶς ὀργανώσεως «Τζὼν Μπὲρτς» ὡς πράκτωρ τοῦ κομμουνισμοῦ. Ὁ κ. Κέννεντυ ἐχαρακτήρισε τὰς κατηγορίας αὐτὰς ὡς ἀνοήτους.

ΟΥΑΣΙΓΚΤΩΝ, 3. (Ἀσσ. Πρές). — Ὁ Ὑπουργὸς Δικαιοσύνης θὰ ἐπισκεφθῇ τὴν Ἰαπωνίαν καὶ τὴν Ἰνδονησίαν κατὰ τὴν περιοδείαν του.

ΧΟΝΟΛΟΥΛΟΥ, 3. (Ἡνωμ. Τύπος). — Ὁ ἀδελφὸς τοῦ προέδρου τῶν Ἡνωμένων Πολιτειῶν κ. Ρόμπερτ Κέννεντυ, ὁ ὁποῖος περιοδεύει ἀνὰ τὴν ὑφήλιον, ἐδήλωσεν ὅτι ὁ τέως πρόεδρος Αἰζενχάουερ κατηγορεῖται ὑπὸ τῆς δεξιᾶς ὀργανώσεως «Τζὼν Μπὲρτς» ὡς πράκτωρ τοῦ κομμουνισμοῦ. Ὁ κ. Κέννεντυ ἐχαρακτήρισε τὰς κατηγορίας αὐτὰς ὡς ἀνοήτους.

ΟΥΑΣΙΓΚΤΩΝ, 3. (Ἀσσ. Πρές). — Ὁ Ὑπουργὸς Δικαιοσύνης θὰ ἐπισκεφθῇ τὴν Ἰαπωνίαν καὶ τὴν Ἰνδονησίαν κατὰ τὴν περιοδείαν του.

ΧΟΝΟΛΟΥΛΟΥ, 3. (Ἡνωμ. Τύπος). — Ὁ ἀδελφὸς τοῦ προέδρου τῶν Ἡνωμένων Πολιτειῶν κ. Ρόμπερτ Κέννεντυ, ὁ ὁποῖος περιοδεύει ἀνὰ τὴν ὑφήλιον, ἐδήλωσεν ὅτι ὁ τέως πρόεδρος Αἰζενχάουερ κατηγορεῖται ὑπὸ τῆς δεξιᾶς ὀργανώσεως «Τζὼν Μπὲρτς» ὡς πράκτωρ τοῦ κομμουνισμοῦ. Ὁ κ. Κέννεντυ ἐχαρακτήρισε τὰς κατηγορίας αὐτὰς ὡς ἀνοήτους.

ΡΩΣΣΟΙ ΣΤΡΑΤΙΩΤΑΙ
κατέλαβον κωμόπολιν
ΕΙΣ ΤΟ ΒΟΡΕΙΟΝ ΛΑΟΣ
Συναντᾶται μὲ τὸν βασιλέα Βαττάνα ὁ οὐδετερόφιλος πρίγκηψ Φουμά

ΒΙΕΝΤΙΑΝΕ, 3. (Ἀσσ. Πρές). — Ἡ κυβέρνησις τοῦ Λάος ἀνεκοίνωσεν ὅτι Ρῶσσοι στρατιῶται κατέλαβον μίαν κωμόπολιν εἰς τὸ βόρειον τμῆμα τῆς χώρας. Ὁ οὐδετερόφιλος πρίγκηψ Σουβάννα Φουμὰ θὰ συναντηθῇ μετὰ τοῦ βασιλέως Σαβὰνγκ Βαττάνα διὰ τὸν σχηματισμὸν κυβερνήσεως ἐθνικῆς ἑνότητος.

ΟΙ ΔΕΞΙΟΙ ΑΡΝΟΥΝΤΑΙ

ΒΙΕΝΤΙΑΝΕ, 3. (Ἀσσ. Πρές). — Ἡ κυβέρνησις τοῦ Λάος ἀνεκοίνωσεν ὅτι Ρῶσσοι στρατιῶται κατέλαβον μίαν κωμόπολιν εἰς τὸ βόρειον τμῆμα τῆς χώρας. Ὁ οὐδετερόφιλος πρίγκηψ Σουβάννα Φουμὰ θὰ συναντηθῇ μετὰ τοῦ βασιλέως Σαβὰνγκ Βαττάνα διὰ τὸν σχηματισμὸν κυβερνήσεως ἐθνικῆς ἑνότητος.

ΑΛΛΑΙ ΠΛΗΡΟΦΟΡΙΑΙ

ΒΙΕΝΤΙΑΝΕ, 3. (Ἀσσ. Πρές). — Ἡ κυβέρνησις τοῦ Λάος ἀνεκοίνωσεν ὅτι Ρῶσσοι στρατιῶται κατέλαβον μίαν κωμόπολιν εἰς τὸ βόρειον τμῆμα τῆς χώρας. Ὁ οὐδετερόφιλος πρίγκηψ Σουβάννα Φουμὰ θὰ συναντηθῇ μετὰ τοῦ βασιλέως Σαβὰνγκ Βαττάνα διὰ τὸν σχηματισμὸν κυβερνήσεως ἐθνικῆς ἑνότητος.

Ο ΣΟΥΒΑΝΝΑ ΦΟΥΜΑ

ΒΙΕΝΤΙΑΝΕ, 3. (Ἀσσ. Πρές). — Ἡ κυβέρνησις τοῦ Λάος ἀνεκοίνωσεν ὅτι Ρῶσσοι στρατιῶται κατέλαβον μίαν κωμόπολιν εἰς τὸ βόρειον τμῆμα τῆς χώρας. Ὁ οὐδετερόφιλος πρίγκηψ Σουβάννα Φουμὰ θὰ συναντηθῇ μετὰ τοῦ βασιλέως Σαβὰνγκ Βαττάνα διὰ τὸν σχηματισμὸν κυβερνήσεως ἐθνικῆς ἑνότητος.

Κατασκευάζεται εἰς κέντρον διαστημοπορίας
ΔΙΠΛΑΣΙΟΣ ΤΟΥ ΑΓΑΛΜΑΤΟΣ ΤΗΣ ΕΛΕΥΘΕΡΙΑΣ ΘΑ ΕΙΝΑΙ Ο ΑΜΕΡΙΚΑΝΙΚΟΣ ΠΥΡΑΥΛΟΣ ΔΙ' ΕΠΗΝΔΡΩΜΕΝΗΝ ΠΤΗΣΙΝ ΕΙΣ ΣΕΛΗΝΗΝ
Ὕψος 123 μέτρων καὶ βάρος 3.000 τόννων

ΧΑΝΤΣΒΙΛ, Ἀλαμπάμα, 3. (Ἀσσ. Πρές). — Εἰς τὸ κέντρον διαστημοπορίας κατασκευάζεται ὁ πύραυλος, ὁ ὁποῖος θὰ μεταφέρῃ ἀστροναύτας εἰς τὴν Σελήνην. Ὁ πύραυλος θὰ ἔχῃ ὕψος 123 μέτρων, διπλάσιον τοῦ ἀγάλματος τῆς Ἐλευθερίας, καὶ βάρος 3.000 τόννων.

ΧΑΝΤΣΒΙΛ, Ἀλαμπάμα, 3. (Ἀσσ. Πρές). — Εἰς τὸ κέντρον διαστημοπορίας κατασκευάζεται ὁ πύραυλος, ὁ ὁποῖος θὰ μεταφέρῃ ἀστροναύτας εἰς τὴν Σελήνην. Ὁ πύραυλος θὰ ἔχῃ ὕψος 123 μέτρων, διπλάσιον τοῦ ἀγάλματος τῆς Ἐλευθερίας, καὶ βάρος 3.000 τόννων.

ΔΕΥΤΕΡΑΝ ΕΓΧΕΙΡΗΣΙΝ ΥΠΕΣΤΗ Ο ΠΙΛΟΤΟΣ ΤΟΥ ΒΟΥΛΓΑΡΙΚΟΥ ΑΕΡΙΩΘΟΥΜΕΝΟΥ ΤΟ ΟΠΟΙΟΝ ΚΑΤΕΠΕΣΕΝ ΕΙΣ ΤΗΝ ΙΤΑΛΙΑΝ

ΜΠΑΡΙ, 3. (Ἀσσ. Πρές). — Ὁ Βούλγαρος πιλότος τοῦ ἀεριωθουμένου, τὸ ὁποῖον κατέπεσεν εἰς τὴν νότιον Ἰταλίαν, ὑπεβλήθη εἰς δευτέραν χειρουργικὴν ἐπέμβασιν. Ἡ κατάστασις τῆς ὑγείας του κρίνεται ἱκανοποιητική.

ΠΡΟΚΑΛΕΙΤΑΙ Ο ΚΡΟΥΣΤΣΕΦ

ΜΠΑΡΙ, 3. (Ἀσσ. Πρές). — Ὁ Βούλγαρος πιλότος τοῦ ἀεριωθουμένου, τὸ ὁποῖον κατέπεσεν εἰς τὴν νότιον Ἰταλίαν, ὑπεβλήθη εἰς δευτέραν χειρουργικὴν ἐπέμβασιν. Ἡ κατάστασις τῆς ὑγείας του κρίνεται ἱκανοποιητική.

ΗΓΕΤΑΙ ΤΩΝ ΕΝ ΡΩΣΣΙΑ ΕΥΑΓΓΕΛΙΚΩΝ ΚΟΙΝΟΤΗΤΩΝ ΕΝΕΚΛΕΙΣΘΗΣΑΝ ΕΙΣ ΤΑ ΣΤΡΑΤΟΠΕΔΑ ΕΡΓΑΣΙΑΣ

ΜΟΣΧΑ, 3. (Ἀσσ. Πρές). — Ἡγέται τῶν εὐαγγελικῶν κοινοτήτων τῆς Σοβιετικῆς Ἑνώσεως ἐνεκλείσθησαν εἰς στρατόπεδα ἐργασίας, κατηγορηθέντες διὰ θρησκευτικὴν προπαγάνδαν.

ΜΟΝΟΝ ΥΠΟΨΗΦΙΟΙ ΤΟΥ «ΠΑΤΡΙΩΤΙΚΟΥ ΜΕΤΩΠΟΥ» ΘΑ ΜΕΤΑΣΧΟΥΝ ΤΩΝ ΕΚΛΟΓΩΝ ΕΙΣ ΤΗΝ ΒΟΥΛΓΑΡΙΑΝ

ΣΟΦΙΑ, 3. (Ἀσσ. Πρές). — Εἰς τὰς προσεχεῖς ἐκλογὰς τῆς Βουλγαρίας θὰ μετάσχουν μόνον ὑποψήφιοι τοῦ κομμουνιστικοῦ «Πατριωτικοῦ Μετώπου».

ΕΓΓΥΗΣΙΝ ΕΝΤΙΜΟΥ ΔΗΜΟΨΗΦΙΣΜΑΤΟΣ ΖΗΤΟΥΝ ΟΙ ΑΛΓΕΡΙΝΟΙ ΑΠΟ ΤΗΝ ΓΑΛΛΙΑΝ ΠΡΟΣ ΣΥΝΟΜΟΛΟΓΗΣΙΝ ΤΗΣ ΑΝΑΚΩΧΗΣ
Ἐπιμένουν εἰς τὴν προσάρτησιν τῆς Σαχάρας

ΤΥΝΙΣ, 3. (Ἀσσ. Πρές). — Ἡ προσωρινὴ κυβέρνησις τῆς Ἀλγερινῆς Δημοκρατίας ζητεῖ ἐγγυήσεις ἐντίμου δημοψηφίσματος ἐκ μέρους τῆς Γαλλίας, πρὸ τῆς συνομολογήσεως τῆς ἀνακωχῆς.

ΣΥΝΗΝΤΗΘΗ ΜΕ ΤΟΝ ΣΟΥ

ΤΥΝΙΣ, 3. (Ἀσσ. Πρές). — Ἡ προσωρινὴ κυβέρνησις τῆς Ἀλγερινῆς Δημοκρατίας ζητεῖ ἐγγυήσεις ἐντίμου δημοψηφίσματος ἐκ μέρους τῆς Γαλλίας, πρὸ τῆς συνομολογήσεως τῆς ἀνακωχῆς.

ΔΡΑΣΙΣ ΤΡΟΜΟΚΡΑΤΩΝ

ΤΥΝΙΣ, 3. (Ἀσσ. Πρές). — Ἡ προσωρινὴ κυβέρνησις τῆς Ἀλγερινῆς Δημοκρατίας ζητεῖ ἐγγυήσεις ἐντίμου δημοψηφίσματος ἐκ μέρους τῆς Γαλλίας, πρὸ τῆς συνομολογήσεως τῆς ἀνακωχῆς.
